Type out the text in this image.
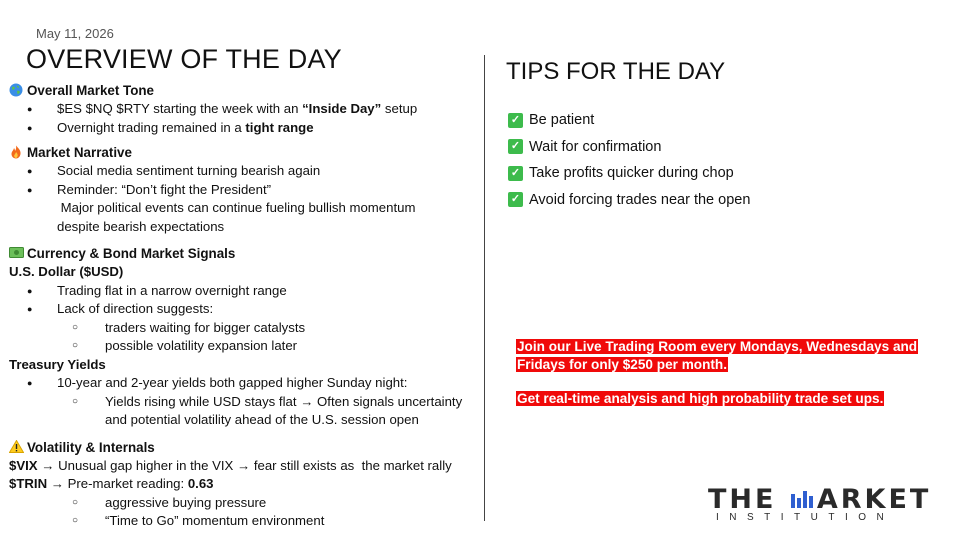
May 11, 2026
OVERVIEW OF THE DAY
Overall Market Tone
● $ES $NQ $RTY starting the week with an “Inside Day” setup
● Overnight trading remained in a tight range
Market Narrative
● Social media sentiment turning bearish again
● Reminder: “Don’t fight the President”
Major political events can continue fueling bullish momentum
despite bearish expectations
Currency & Bond Market Signals
U.S. Dollar ($USD)
● Trading flat in a narrow overnight range
● Lack of direction suggests:
○ traders waiting for bigger catalysts
○ possible volatility expansion later
Treasury Yields
● 10-year and 2-year yields both gapped higher Sunday night:
○ Yields rising while USD stays flat → Often signals uncertainty
and potential volatility ahead of the U.S. session open
Volatility & Internals
$VIX → Unusual gap higher in the VIX → fear still exists as  the market rally
$TRIN → Pre-market reading: 0.63
○ aggressive buying pressure
○ “Time to Go” momentum environment
TIPS FOR THE DAY
✓ Be patient
✓ Wait for confirmation
✓ Take profits quicker during chop
✓ Avoid forcing trades near the open

Join our Live Trading Room every Mondays, Wednesdays and Fridays for only $250 per month.

Get real-time analysis and high probability trade set ups.

THE ARKET
INSTITUTION
